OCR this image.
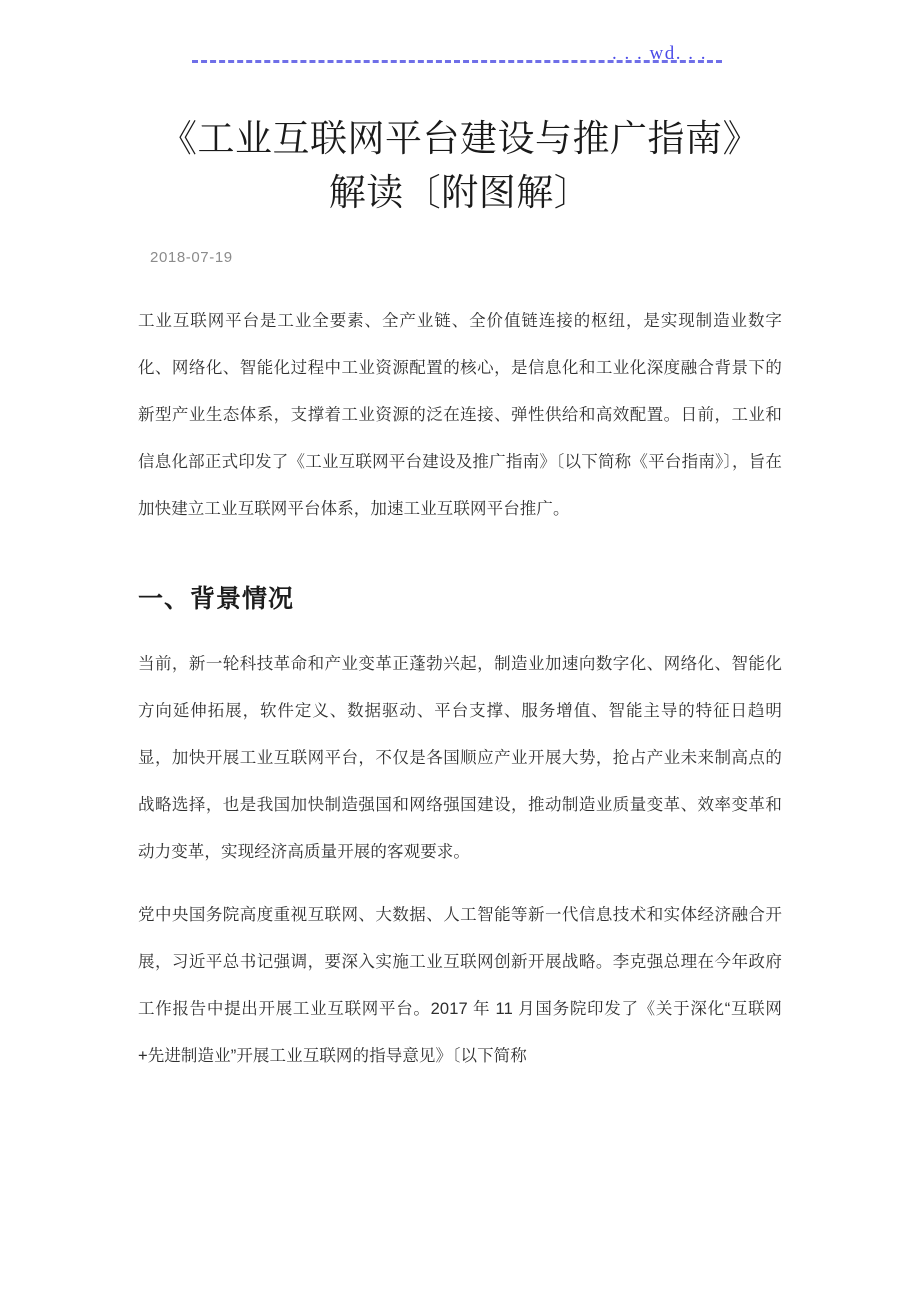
. . . wd. . .
《工业互联网平台建设与推广指南》
解读〔附图解〕
2018-07-19

工业互联网平台是工业全要素、全产业链、全价值链连接的枢纽，是实现制造业数字化、网络化、智能化过程中工业资源配置的核心，是信息化和工业化深度融合背景下的新型产业生态体系，支撑着工业资源的泛在连接、弹性供给和高效配置。日前，工业和信息化部正式印发了《工业互联网平台建设及推广指南》〔以下简称《平台指南》〕，旨在加快建立工业互联网平台体系，加速工业互联网平台推广。

一、背景情况

当前，新一轮科技革命和产业变革正蓬勃兴起，制造业加速向数字化、网络化、智能化方向延伸拓展，软件定义、数据驱动、平台支撑、服务增值、智能主导的特征日趋明显，加快开展工业互联网平台，不仅是各国顺应产业开展大势，抢占产业未来制高点的战略选择，也是我国加快制造强国和网络强国建设，推动制造业质量变革、效率变革和动力变革，实现经济高质量开展的客观要求。

党中央国务院高度重视互联网、大数据、人工智能等新一代信息技术和实体经济融合开展，习近平总书记强调，要深入实施工业互联网创新开展战略。李克强总理在今年政府工作报告中提出开展工业互联网平台。2017 年 11 月国务院印发了《关于深化“互联网+先进制造业”开展工业互联网的指导意见》〔以下简称
